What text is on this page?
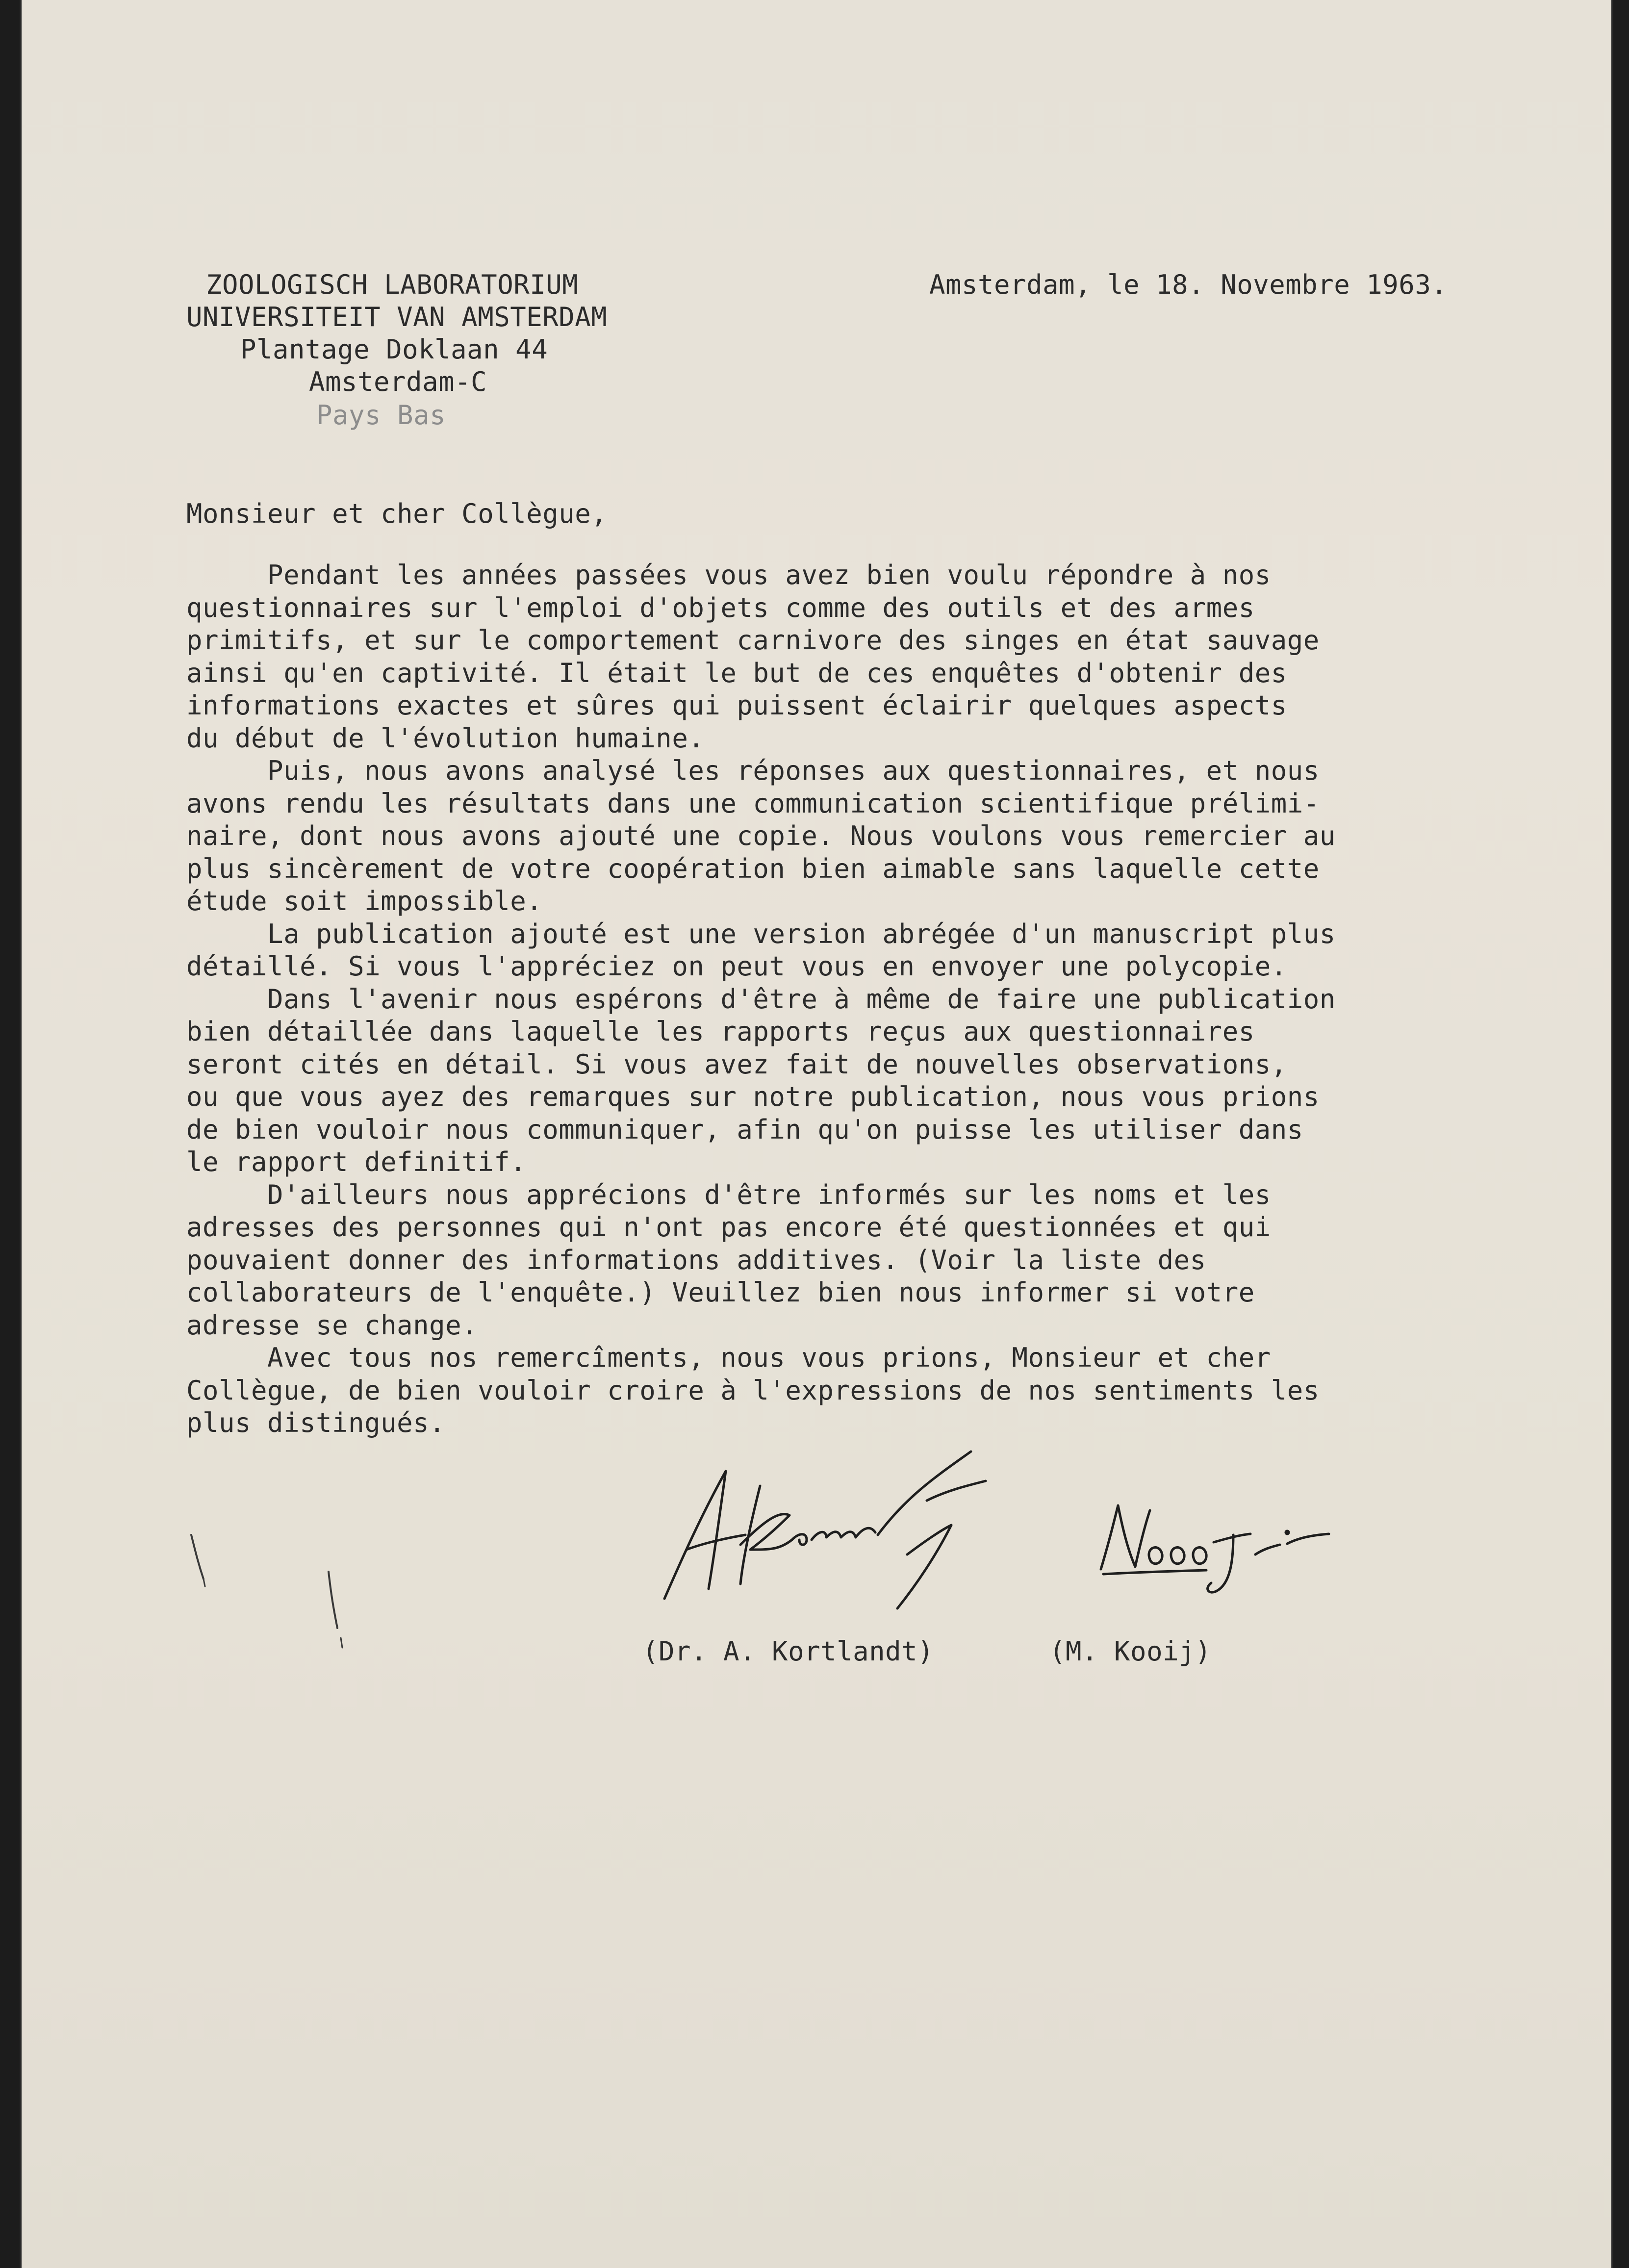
ZOOLOGISCH LABORATORIUM
UNIVERSITEIT VAN AMSTERDAM
Plantage Doklaan 44
Amsterdam-C
Pays Bas
Amsterdam, le 18. Novembre 1963.
Monsieur et cher Collègue,
Pendant les années passées vous avez bien voulu répondre à nos
questionnaires sur l'emploi d'objets comme des outils et des armes
primitifs, et sur le comportement carnivore des singes en état sauvage
ainsi qu'en captivité. Il était le but de ces enquêtes d'obtenir des
informations exactes et sûres qui puissent éclairir quelques aspects
du début de l'évolution humaine.
Puis, nous avons analysé les réponses aux questionnaires, et nous
avons rendu les résultats dans une communication scientifique prélimi-
naire, dont nous avons ajouté une copie. Nous voulons vous remercier au
plus sincèrement de votre coopération bien aimable sans laquelle cette
étude soit impossible.
La publication ajouté est une version abrégée d'un manuscript plus
détaillé. Si vous l'appréciez on peut vous en envoyer une polycopie.
Dans l'avenir nous espérons d'être à même de faire une publication
bien détaillée dans laquelle les rapports reçus aux questionnaires
seront cités en détail. Si vous avez fait de nouvelles observations,
ou que vous ayez des remarques sur notre publication, nous vous prions
de bien vouloir nous communiquer, afin qu'on puisse les utiliser dans
le rapport definitif.
D'ailleurs nous apprécions d'être informés sur les noms et les
adresses des personnes qui n'ont pas encore été questionnées et qui
pouvaient donner des informations additives. (Voir la liste des
collaborateurs de l'enquête.) Veuillez bien nous informer si votre
adresse se change.
Avec tous nos remercîments, nous vous prions, Monsieur et cher
Collègue, de bien vouloir croire à l'expressions de nos sentiments les
plus distingués.
(Dr. A. Kortlandt)	(M. Kooij)
